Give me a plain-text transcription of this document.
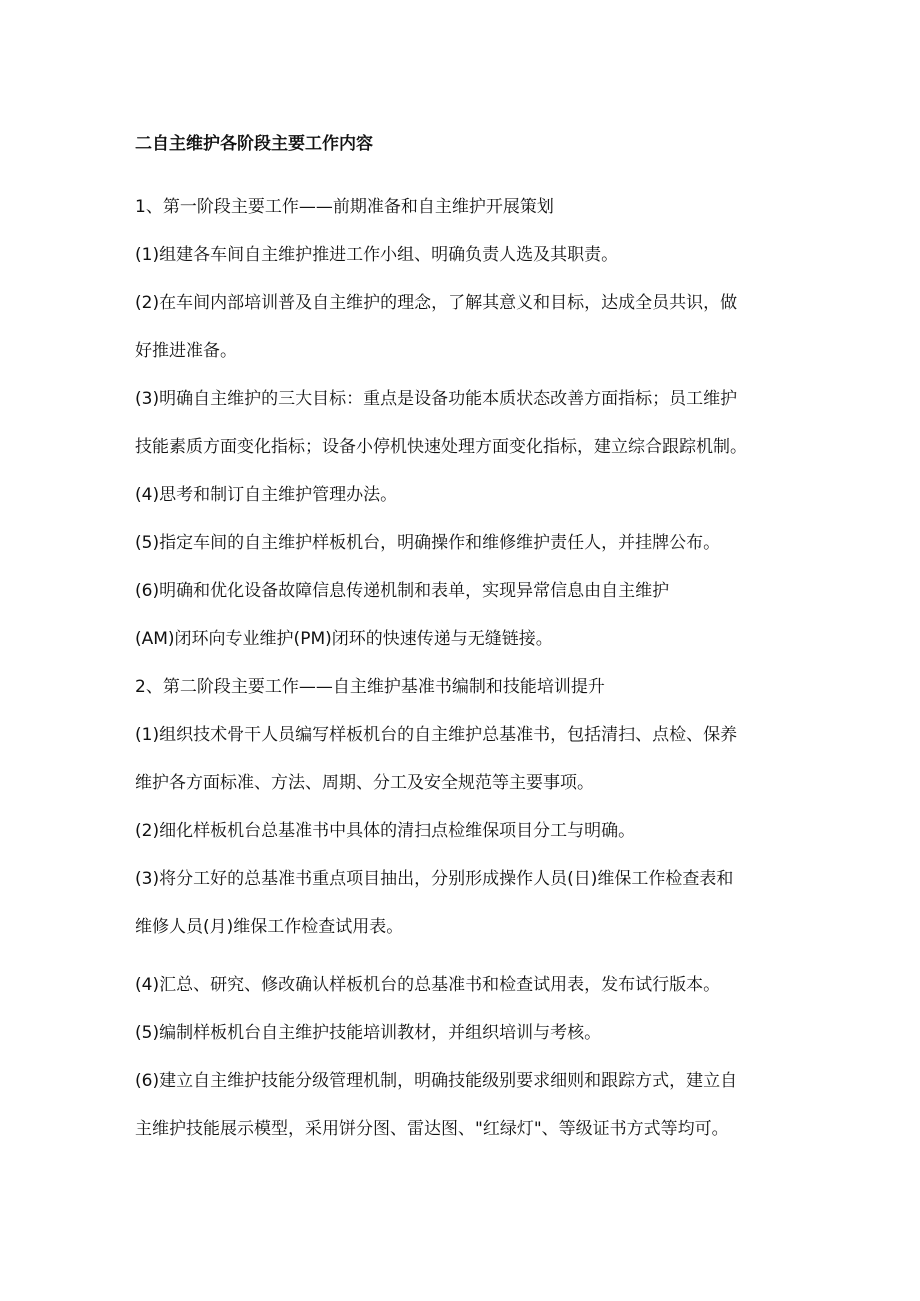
二自主维护各阶段主要工作内容
1、第一阶段主要工作——前期准备和自主维护开展策划
(1)组建各车间自主维护推进工作小组、明确负责人选及其职责。
(2)在车间内部培训普及自主维护的理念，了解其意义和目标，达成全员共识，做
好推进准备。
(3)明确自主维护的三大目标：重点是设备功能本质状态改善方面指标；员工维护
技能素质方面变化指标；设备小停机快速处理方面变化指标，建立综合跟踪机制。
(4)思考和制订自主维护管理办法。
(5)指定车间的自主维护样板机台，明确操作和维修维护责任人，并挂牌公布。
(6)明确和优化设备故障信息传递机制和表单，实现异常信息由自主维护
(AM)闭环向专业维护(PM)闭环的快速传递与无缝链接。
2、第二阶段主要工作——自主维护基准书编制和技能培训提升
(1)组织技术骨干人员编写样板机台的自主维护总基准书，包括清扫、点检、保养
维护各方面标准、方法、周期、分工及安全规范等主要事项。
(2)细化样板机台总基准书中具体的清扫点检维保项目分工与明确。
(3)将分工好的总基准书重点项目抽出，分别形成操作人员(日)维保工作检查表和
维修人员(月)维保工作检查试用表。
(4)汇总、研究、修改确认样板机台的总基准书和检查试用表，发布试行版本。
(5)编制样板机台自主维护技能培训教材，并组织培训与考核。
(6)建立自主维护技能分级管理机制，明确技能级别要求细则和跟踪方式，建立自
主维护技能展示模型，采用饼分图、雷达图、"红绿灯"、等级证书方式等均可。
